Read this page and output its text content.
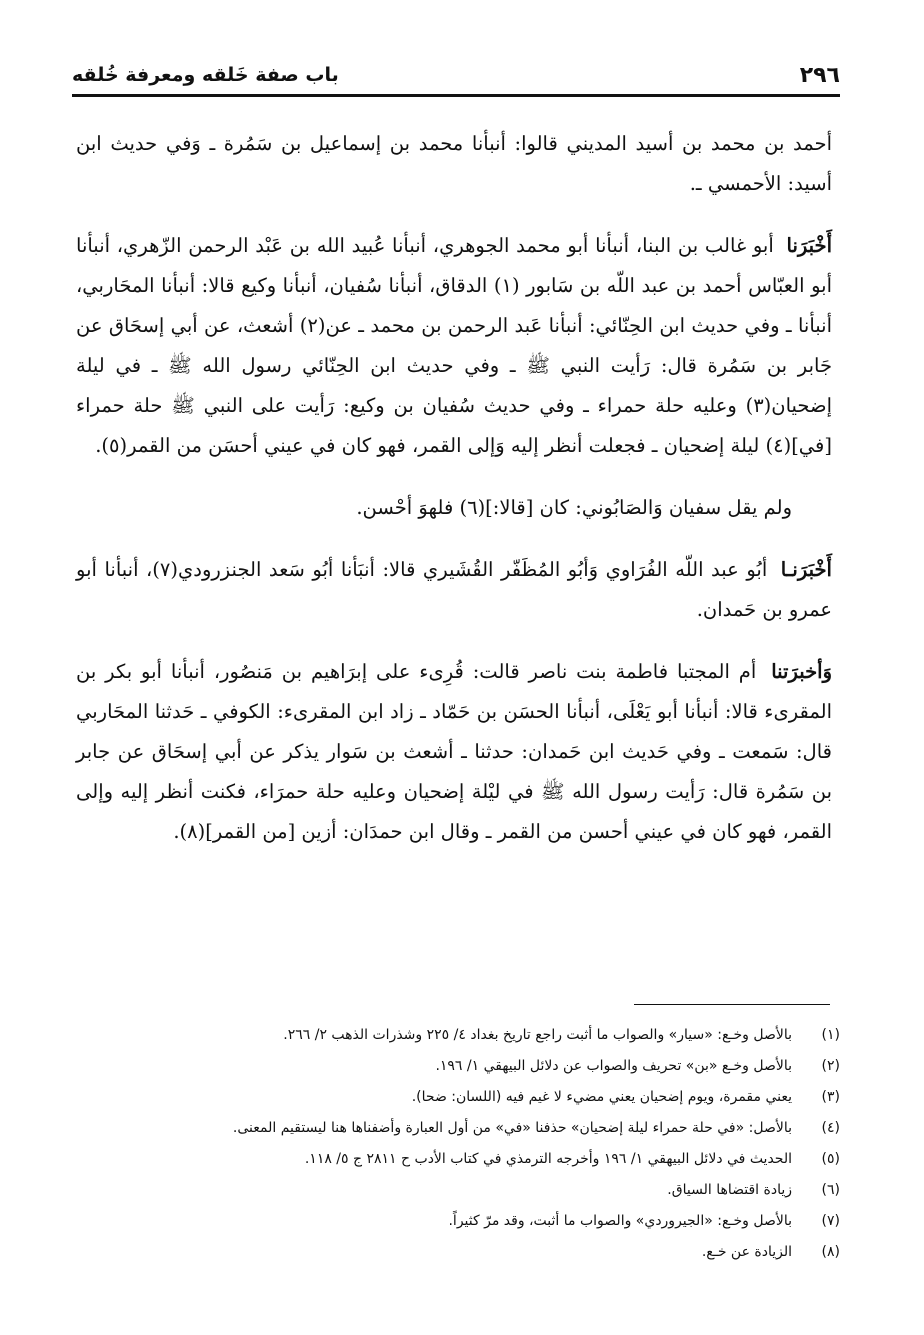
٢٩٦
باب صفة خَلقه ومعرفة خُلقه

أحمد بن محمد بن أسيد المديني قالوا: أنبأنا محمد بن إسماعيل بن سَمُرة ـ وَفي حديث ابن أسيد: الأحمسي ـ.

أَخْبَرَنا أبو غالب بن البنا، أنبأنا أبو محمد الجوهري، أنبأنا عُبيد الله بن عَبْد الرحمن الزّهري، أنبأنا أبو العبّاس أحمد بن عبد اللّه بن سَابور (١) الدقاق، أنبأنا سُفيان، أنبأنا وكيع قالا: أنبأنا المحَاربي، أنبأنا ـ وفي حديث ابن الحِنّائي: أنبأنا عَبد الرحمن بن محمد ـ عن(٢) أشعث، عن أبي إسحَاق عن جَابر بن سَمُرة قال: رَأيت النبي ﷺ ـ وفي حديث ابن الحِنّائي رسول الله ﷺ ـ في ليلة إضحيان(٣) وعليه حلة حمراء ـ وفي حديث سُفيان بن وكيع: رَأيت على النبي ﷺ حلة حمراء [في](٤) ليلة إضحيان ـ فجعلت أنظر إليه وَإلى القمر، فهو كان في عيني أحسَن من القمر(٥).

ولم يقل سفيان وَالصَابُوني: كان [قالا:](٦) فلهوَ أحْسن.

أَخْبَرَنـا أبُو عبد اللّه الفُرَاوي وَأبُو المُظَفّر القُشَيري قالا: أنبَأنا أبُو سَعد الجنزرودي(٧)، أنبأنا أبو عمرو بن حَمدان.

وَأخبرَتنا أم المجتبا فاطمة بنت ناصر قالت: قُرِىء على إبرَاهيم بن مَنصُور، أنبأنا أبو بكر بن المقرىء قالا: أنبأنا أبو يَعْلَى، أنبأنا الحسَن بن حَمّاد ـ زاد ابن المقرىء: الكوفي ـ حَدثنا المحَاربي قال: سَمعت ـ وفي حَديث ابن حَمدان: حدثنا ـ أشعث بن سَوار يذكر عن أبي إسحَاق عن جابر بن سَمُرة قال: رَأيت رسول الله ﷺ في ليْلة إضحيان وعليه حلة حمرَاء، فكنت أنظر إليه وإلى القمر، فهو كان في عيني أحسن من القمر ـ وقال ابن حمدَان: أزين [من القمر](٨).

(١)
بالأصل وخـع: «سيار» والصواب ما أثبت راجع تاريخ بغداد ٤/ ٢٢٥ وشذرات الذهب ٢/ ٢٦٦.
(٢)
بالأصل وخـع «بن» تحريف والصواب عن دلائل البيهقي ١/ ١٩٦.
(٣)
يعني مقمرة، ويوم إضحيان يعني مضيء لا غيم فيه (اللسان: ضحا).
(٤)
بالأصل: «في حلة حمراء ليلة إضحيان» حذفنا «في» من أول العبارة وأضفناها هنا ليستقيم المعنى.
(٥)
الحديث في دلائل البيهقي ١/ ١٩٦ وأخرجه الترمذي في كتاب الأدب ح ٢٨١١ ج ٥/ ١١٨.
(٦)
زيادة اقتضاها السياق.
(٧)
بالأصل وخـع: «الجيروردي» والصواب ما أثبت، وقد مرّ كثيراً.
(٨)
الزيادة عن خـع.
